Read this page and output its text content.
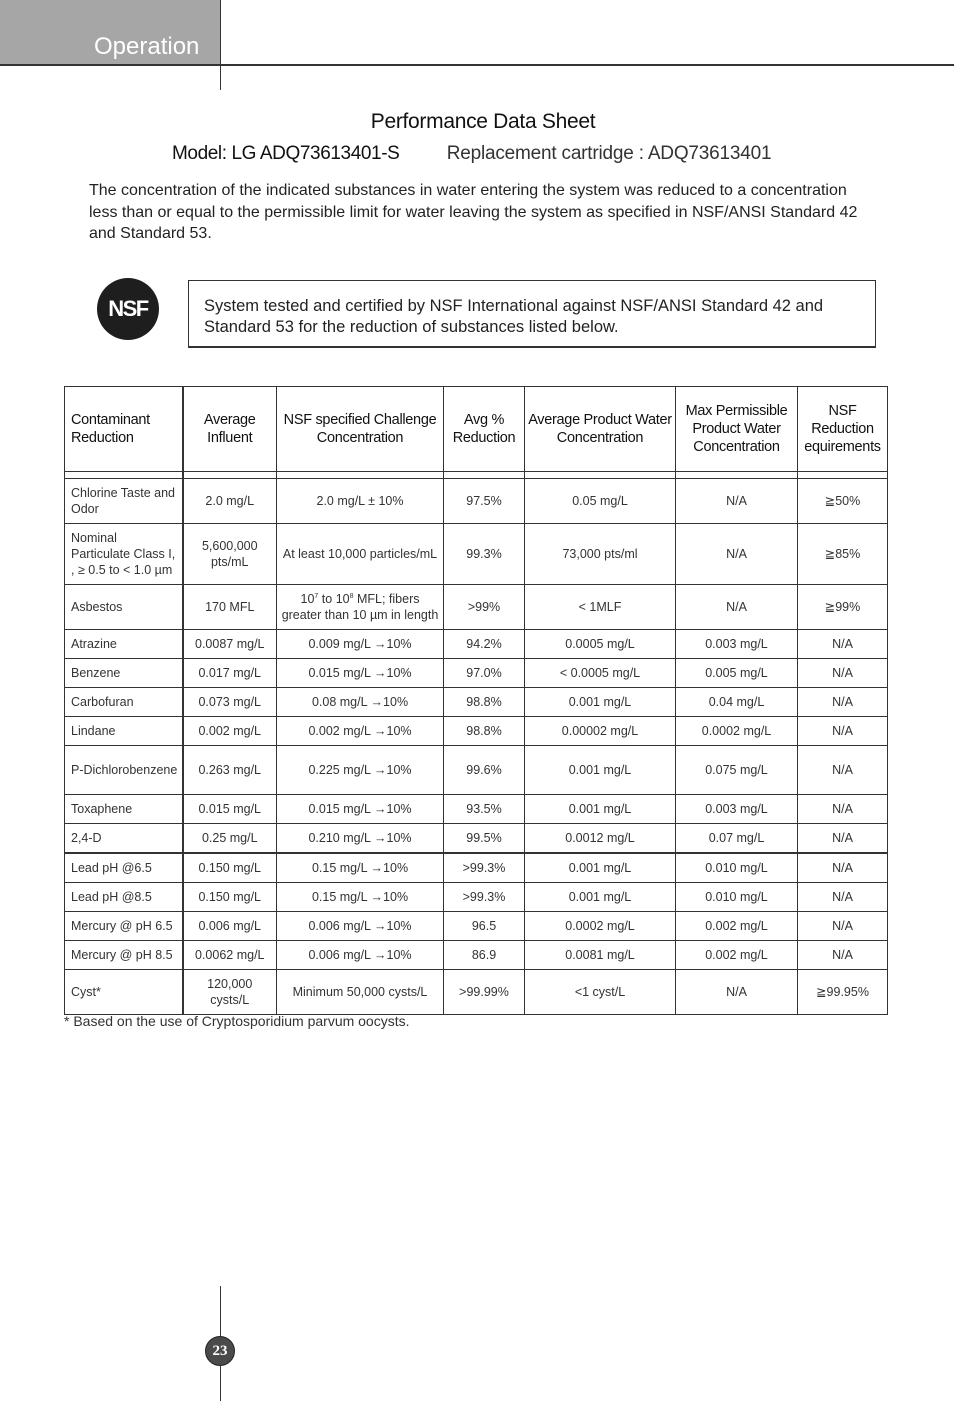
Operation
Performance Data Sheet
Model: LG ADQ73613401-S Replacement cartridge : ADQ73613401
The concentration of the indicated substances in water entering the system was reduced to a concentration less than or equal to the permissible limit for water leaving the system as specified in NSF/ANSI Standard 42 and Standard 53.
NSF	System tested and certified by NSF International against NSF/ANSI Standard 42 and Standard 53 for the reduction of substances listed below.
Contaminant Reduction	Average Influent	NSF specified Challenge Concentration	Avg % Reduction	Average Product Water Concentration	Max Permissible Product Water Concentration	NSF Reduction equirements

Chlorine Taste and Odor	2.0 mg/L	2.0 mg/L ± 10%	97.5%	0.05 mg/L	N/A	≧50%
Nominal Particulate Class I, , ≥ 0.5 to < 1.0 µm	5,600,000 pts/mL	At least 10,000 particles/mL	99.3%	73,000 pts/ml	N/A	≧85%
Asbestos	170 MFL	$10^7$ to $10^8$ MFL; fibers greater than 10 µm in length	>99%	< 1MLF	N/A	≧99%
Atrazine	0.0087 mg/L	0.009 mg/L →10%	94.2%	0.0005 mg/L	0.003 mg/L	N/A
Benzene	0.017 mg/L	0.015 mg/L →10%	97.0%	< 0.0005 mg/L	0.005 mg/L	N/A
Carbofuran	0.073 mg/L	0.08 mg/L →10%	98.8%	0.001 mg/L	0.04 mg/L	N/A
Lindane	0.002 mg/L	0.002 mg/L →10%	98.8%	0.00002 mg/L	0.0002 mg/L	N/A
P-Dichlorobenzene	0.263 mg/L	0.225 mg/L →10%	99.6%	0.001 mg/L	0.075 mg/L	N/A
Toxaphene	0.015 mg/L	0.015 mg/L →10%	93.5%	0.001 mg/L	0.003 mg/L	N/A
2,4-D	0.25 mg/L	0.210 mg/L →10%	99.5%	0.0012 mg/L	0.07 mg/L	N/A
Lead pH @6.5	0.150 mg/L	0.15 mg/L →10%	>99.3%	0.001 mg/L	0.010 mg/L	N/A
Lead pH @8.5	0.150 mg/L	0.15 mg/L →10%	>99.3%	0.001 mg/L	0.010 mg/L	N/A
Mercury @ pH 6.5	0.006 mg/L	0.006 mg/L →10%	96.5	0.0002 mg/L	0.002 mg/L	N/A
Mercury @ pH 8.5	0.0062 mg/L	0.006 mg/L →10%	86.9	0.0081 mg/L	0.002 mg/L	N/A
Cyst*	120,000 cysts/L	Minimum 50,000 cysts/L	>99.99%	<1 cyst/L	N/A	≧99.95%
* Based on the use of Cryptosporidium parvum oocysts.
23
